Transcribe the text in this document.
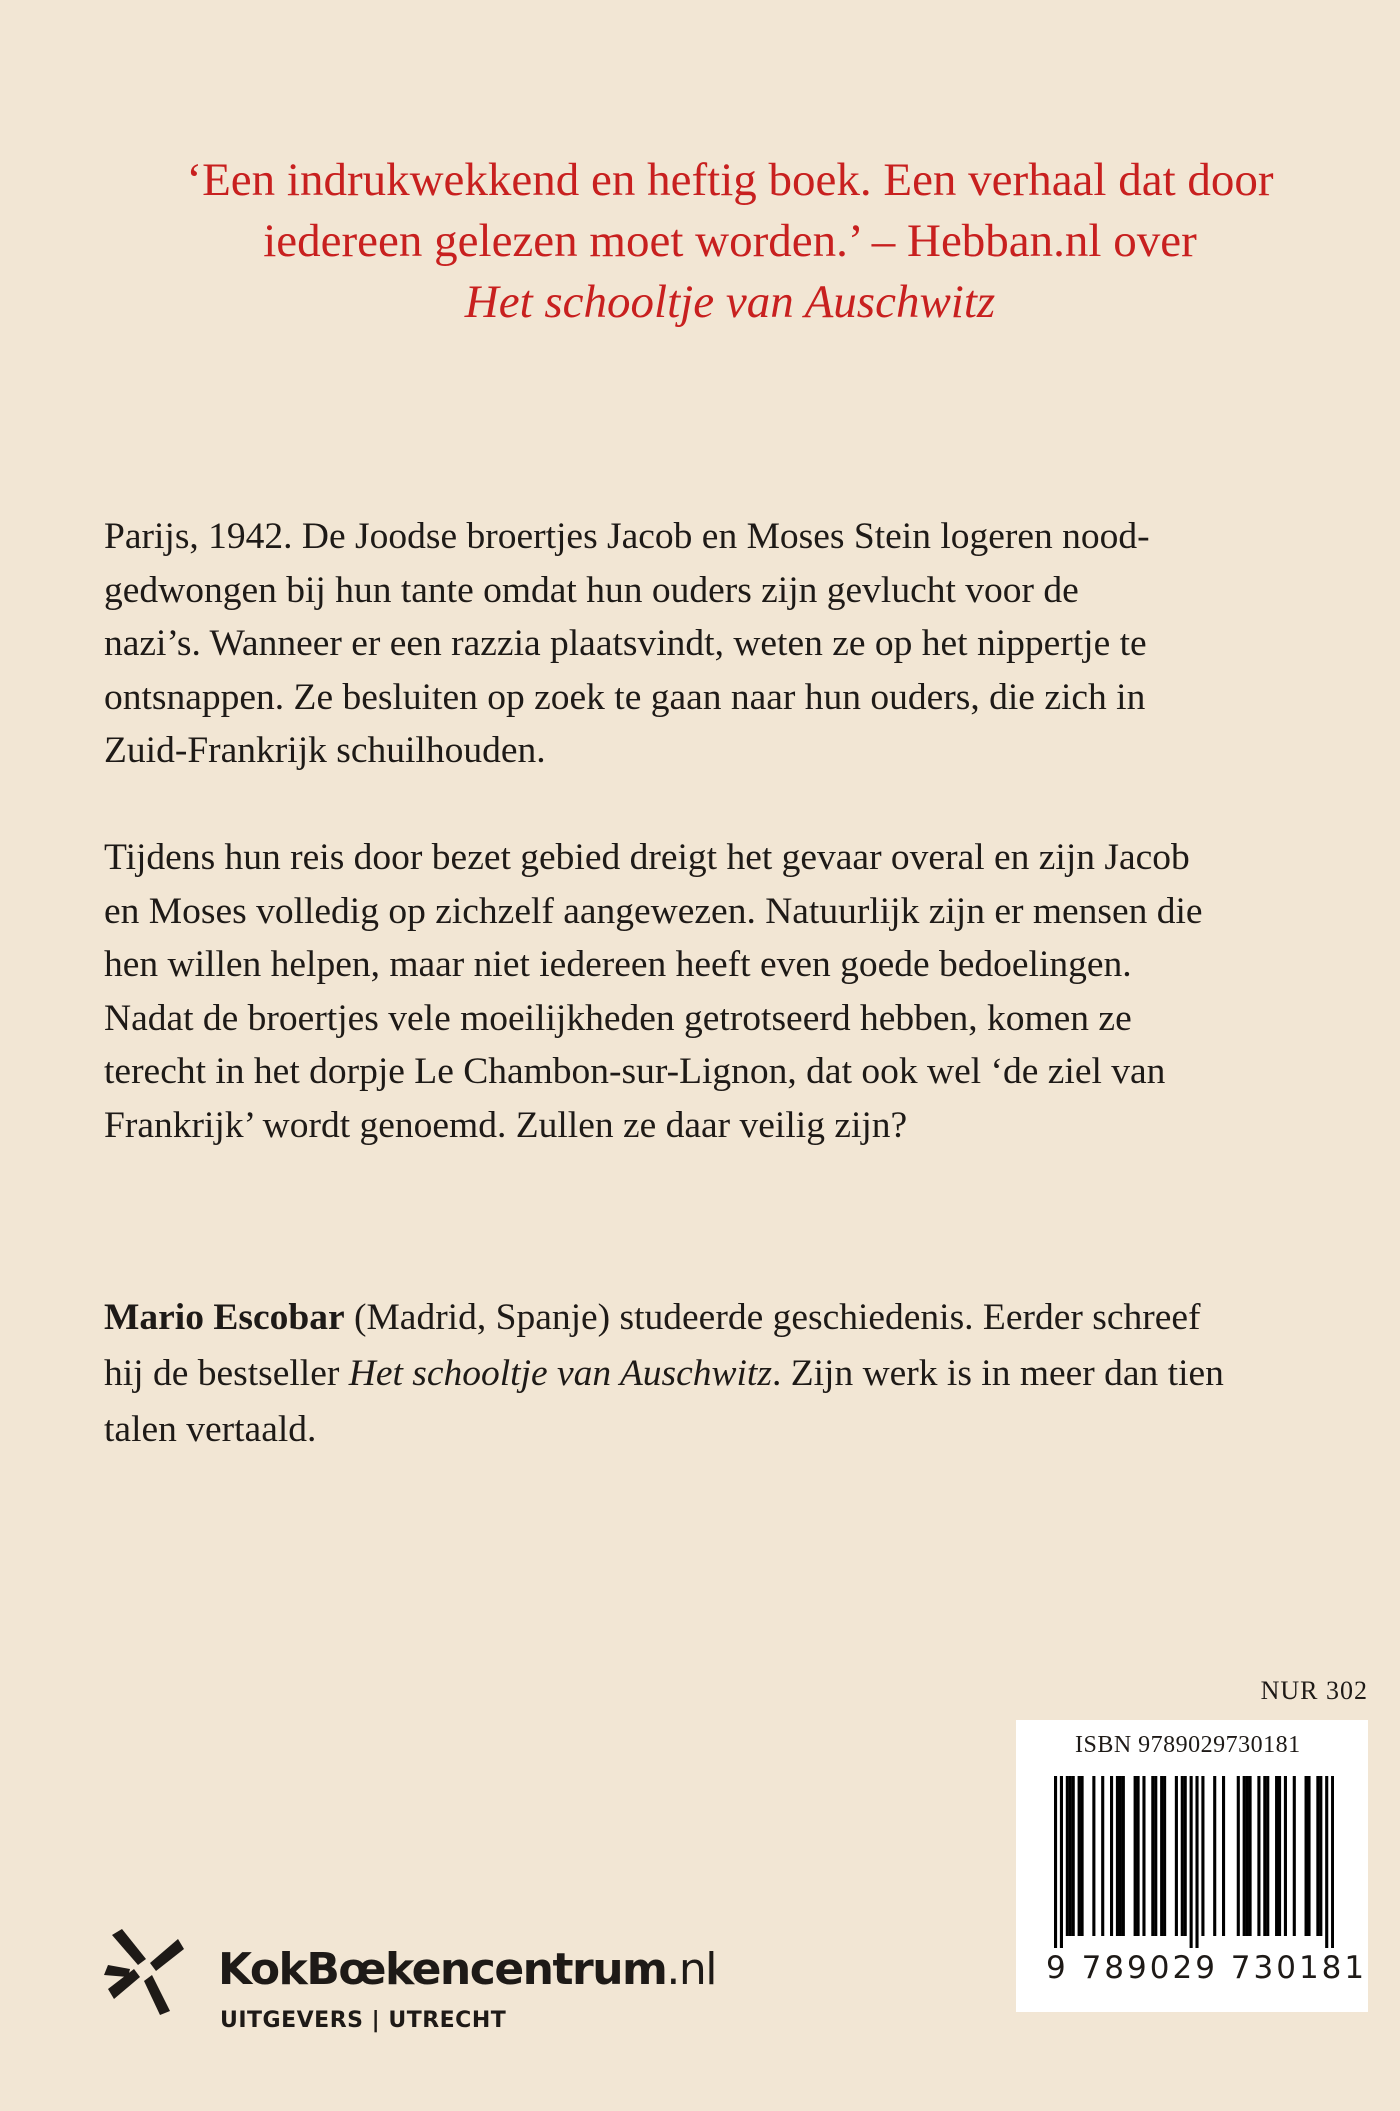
‘Een indrukwekkend en heftig boek. Een verhaal dat door
iedereen gelezen moet worden.’ – Hebban.nl over
Het schooltje van Auschwitz
Parijs, 1942. De Joodse broertjes Jacob en Moses Stein logeren nood-
gedwongen bij hun tante omdat hun ouders zijn gevlucht voor de
nazi’s. Wanneer er een razzia plaatsvindt, weten ze op het nippertje te
ontsnappen. Ze besluiten op zoek te gaan naar hun ouders, die zich in
Zuid-Frankrijk schuilhouden.
Tijdens hun reis door bezet gebied dreigt het gevaar overal en zijn Jacob
en Moses volledig op zichzelf aangewezen. Natuurlijk zijn er mensen die
hen willen helpen, maar niet iedereen heeft even goede bedoelingen.
Nadat de broertjes vele moeilijkheden getrotseerd hebben, komen ze
terecht in het dorpje Le Chambon-sur-Lignon, dat ook wel ‘de ziel van
Frankrijk’ wordt genoemd. Zullen ze daar veilig zijn?
Mario Escobar (Madrid, Spanje) studeerde geschiedenis. Eerder schreef
hij de bestseller Het schooltje van Auschwitz. Zijn werk is in meer dan tien
talen vertaald.
NUR 302
ISBN 9789029730181
9 789029 730181
KokBœkencentrum.nl
UITGEVERS | UTRECHT
